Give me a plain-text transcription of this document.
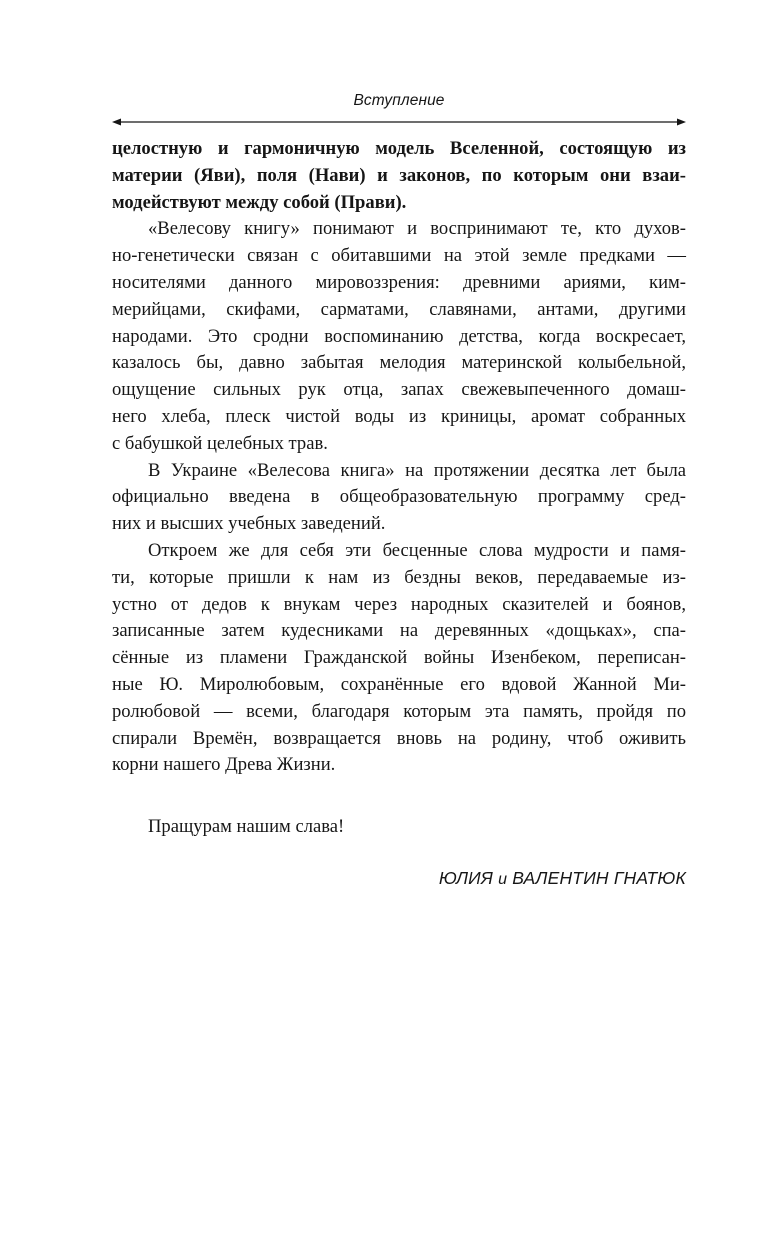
Вступление

целостную и гармоничную модель Вселенной, состоящую из
материи (Яви), поля (Нави) и законов, по которым они взаи-
модействуют между собой (Прави).

«Велесову книгу» понимают и воспринимают те, кто духов-
но-генетически связан с обитавшими на этой земле предками —
носителями данного мировоззрения: древними ариями, ким-
мерийцами, скифами, сарматами, славянами, антами, другими
народами. Это сродни воспоминанию детства, когда воскресает,
казалось бы, давно забытая мелодия материнской колыбельной,
ощущение сильных рук отца, запах свежевыпеченного домаш-
него хлеба, плеск чистой воды из криницы, аромат собранных
с бабушкой целебных трав.

В Украине «Велесова книга» на протяжении десятка лет была
официально введена в общеобразовательную программу сред-
них и высших учебных заведений.

Откроем же для себя эти бесценные слова мудрости и памя-
ти, которые пришли к нам из бездны веков, передаваемые из-
устно от дедов к внукам через народных сказителей и боянов,
записанные затем кудесниками на деревянных «дощьках», спа-
сённые из пламени Гражданской войны Изенбеком, переписан-
ные Ю. Миролюбовым, сохранённые его вдовой Жанной Ми-
ролюбовой — всеми, благодаря которым эта память, пройдя по
спирали Времён, возвращается вновь на родину, чтоб оживить
корни нашего Древа Жизни.

Пращурам нашим слава!
ЮЛИЯ и ВАЛЕНТИН ГНАТЮК
